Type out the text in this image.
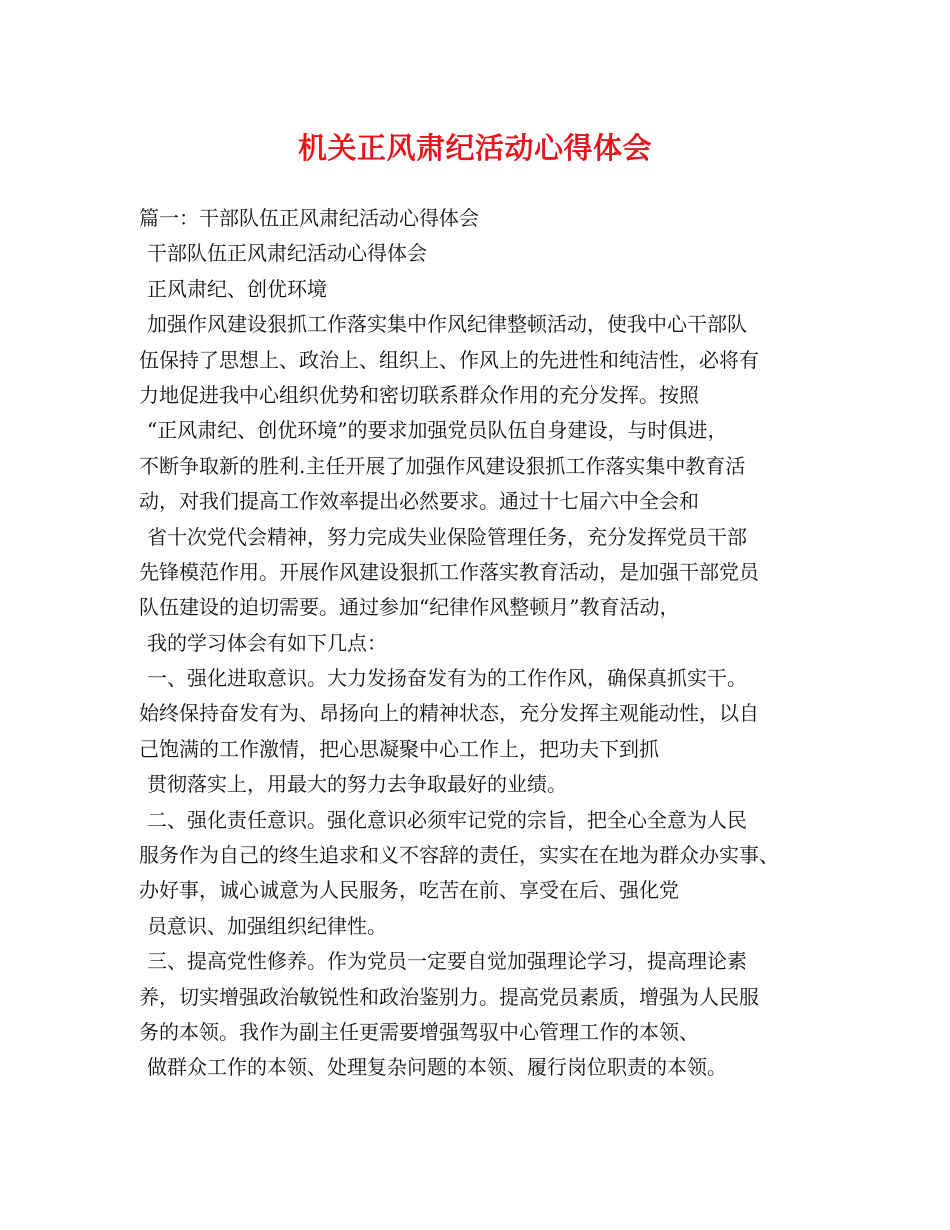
机关正风肃纪活动心得体会
篇一：干部队伍正风肃纪活动心得体会
干部队伍正风肃纪活动心得体会
正风肃纪、创优环境
加强作风建设狠抓工作落实集中作风纪律整顿活动，使我中心干部队
伍保持了思想上、政治上、组织上、作风上的先进性和纯洁性，必将有
力地促进我中心组织优势和密切联系群众作用的充分发挥。按照
“正风肃纪、创优环境”的要求加强党员队伍自身建设，与时俱进，
不断争取新的胜利.主任开展了加强作风建设狠抓工作落实集中教育活
动，对我们提高工作效率提出必然要求。通过十七届六中全会和
省十次党代会精神，努力完成失业保险管理任务，充分发挥党员干部
先锋模范作用。开展作风建设狠抓工作落实教育活动，是加强干部党员
队伍建设的迫切需要。通过参加“纪律作风整顿月”教育活动，
我的学习体会有如下几点：
一、强化进取意识。大力发扬奋发有为的工作作风，确保真抓实干。
始终保持奋发有为、昂扬向上的精神状态，充分发挥主观能动性，以自
己饱满的工作激情，把心思凝聚中心工作上，把功夫下到抓
贯彻落实上，用最大的努力去争取最好的业绩。
二、强化责任意识。强化意识必须牢记党的宗旨，把全心全意为人民
服务作为自己的终生追求和义不容辞的责任，实实在在地为群众办实事、
办好事，诚心诚意为人民服务，吃苦在前、享受在后、强化党
员意识、加强组织纪律性。
三、提高党性修养。作为党员一定要自觉加强理论学习，提高理论素
养，切实增强政治敏锐性和政治鉴别力。提高党员素质，增强为人民服
务的本领。我作为副主任更需要增强驾驭中心管理工作的本领、
做群众工作的本领、处理复杂问题的本领、履行岗位职责的本领。
